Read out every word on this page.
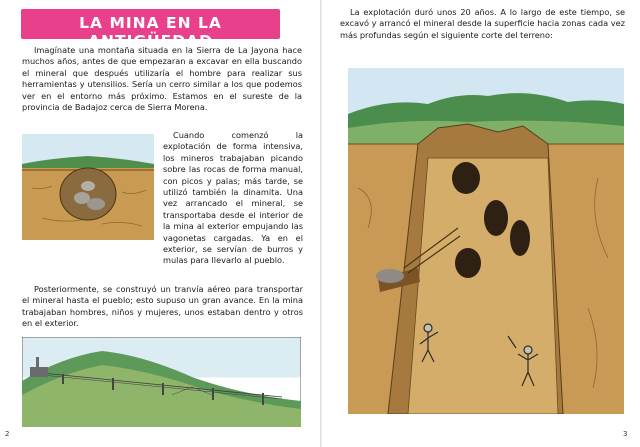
LA MINA EN LA ANTIGÜEDAD

Imagínate una montaña situada en la Sierra de La Jayona hace muchos años, antes de que empezaran a excavar en ella buscando el mineral que después utilizaría el hombre para realizar sus herramientas y utensilios. Sería un cerro similar a los que podemos ver en el entorno más próximo. Estamos en el sureste de la provincia de Badajoz cerca de Sierra Morena.

Cuando comenzó la explotación de forma intensiva, los mineros trabajaban picando sobre las rocas de forma manual, con picos y palas; más tarde, se utilizó también la dinamita. Una vez arrancado el mineral, se transportaba desde el interior de la mina al exterior empujando las vagonetas cargadas. Ya en el exterior, se servían de burros y mulas para llevarlo al pueblo.

Posteriormente, se construyó un tranvía aéreo para transportar el mineral hasta el pueblo; esto supuso un gran avance. En la mina trabajaban hombres, niños y mujeres, unos estaban dentro y otros en el exterior.

2

La explotación duró unos 20 años. A lo largo de este tiempo, se excavó y arrancó el mineral desde la superficie hacia zonas cada vez más profundas según el siguiente corte del terreno:

3
